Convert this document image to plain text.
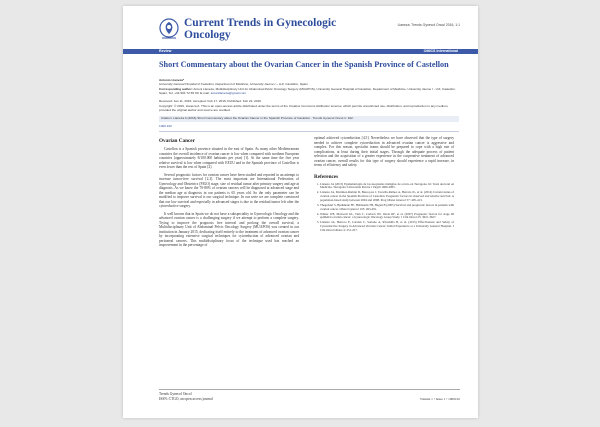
Current Trends in Gynecologic
Oncology
Llaneza. Trends Gynecol Oncol 2016, 1:1
Review	OMICS International
Short Commentary about the Ovarian Cancer in the Spanish Province of Castellon
Antonio Llaneza*
University General Hospital of Castellon, Department of Medicine, University Jaume I – UJI, Castellon, Spain
Corresponding author: Antoni Llaneza, Multidisciplinary Unit for Abdominal-Pelvic Oncology Surgery (MUAPOS), University General Hospital of Castellon, Department of Medicine, University Jaume I - UJI, Castellon, Spain, Tel: +34 964 72 65 00; E-mail: antonillaneza@gmail.com
Received: Jan 11, 2016; Accepted: Feb 17, 2016; Published: Feb 22, 2016
Copyright: © 2016, Llaneza A. This is an open-access article distributed under the terms of the Creative Commons Attribution License, which permits unrestricted use, distribution, and reproduction in any medium, provided the original author and source are credited.
Citation: Llaneza A (2016) Short Commentary about the Ovarian Cancer in the Spanish Province of Castellon . Trends Gynecol Oncol 1: 102.
1000.102
Ovarian Cancer

Castellon is a Spanish province situated in the east of Spain. As many other Mediterranean countries the overall incidence of ovarian cancer is low when compared with northern European countries (approximately 8/100.000 habitants per year) [1]. At the same time the five year relative survival is low when compared with EEUU and in the Spanish province of Castellon is even lower than the rest of Spain [2].

Several prognostic factors for ovarian cancer have been studied and reported in an attempt to increase tumor-free survival [2,3]. The most important are International Federation of Gynecology and Obstetrics (FIGO) stage, size of residual tumor after primary surgery and age at diagnosis. As we know the 70-80% of ovarian cancers will be diagnosed at advanced stage and the median age at diagnosis in our patients is 65 years old. So the only parameter can be modified to improve survival is our surgical technique. In our serie we are complete convinced that our low survival and especially in advanced stages is due to the residual tumor left after the cytoreductive surgery.

It well known that in Spain we do not have a subspeciality in Gynecologic Oncology and the advanced ovarian cancer is a challenging surgery if we attempt to perform a complete surgery. Trying to improve the prognosis free interval and prolong the overall survival, a Multidisciplinary Unit of Abdominal Pelvic Oncology Surgery (MUAPOS) was created in our institution in January 2015, dedicating itself entirely to the treatment of advanced ovarian cancer by incorporating extensive surgical techniques for cytoreduction of advanced ovarian and peritoneal cancers. This multidisciplinary focus of the technique used has reached an improvement in the percentage of

optimal achieved cytoreduction [4,5]. Nevertheless we have observed that the type of surgery needed to achieve complete cytoreduction in advanced ovarian cancer is aggressive and complex. For this reason, specialist teams should be prepared to cope with a high rate of complications, at least during their initial stages. Through the adequate process of patient selection and the acquisition of a greater experience in the cooperative treatment of advanced ovarian cancer, overall results for this type of surgery should experience a rapid increase, in terms of efficiency and safety.

References
1. Llaneza JA (2015) Epidemiología de las neoplasias malignas de ovario en Tarragona. In: Tesis doctoral en Medicina. Tarragona: Universitat Rovira i Virgili 1960-2005.
2. Llaneza JA, Martínez-Ramón D, Bazoq-tos J, Torrella-Ramos A, Herrera JL, et al. (2014) Current status of ovarian cancer in the Spanish Province of Castellon. Prognostic factors in observed and relative survival: A population-based study between 2004 and 2008. Prog Obstet Ginecol 57: 405-413.
3. Thegebauf S, Bjelkhede FE, Helmstein TB, Hagen B (2005) Survival and prognostic factors in patients with ovarian cancer. Obstet Gynecol 105: 493-491.
4. Winter WE, Maxwell GL, Tian C, Carlson JW, Ozols RF, et al. (2007) Prognostic factors for stage III epithelial ovarian cancer: a Gynecologic Oncology Group Study. J Clin Oncol 25: 3621-3627.
5. Llaneza JA, Herrero E, Catalan C, Soriano A, Rivadulla B, et al. (2015) Effectiveness and Safety of Cytoreductive Surgery in Advanced Ovarian Cancer: Initial Experience at a University General Hospital. J Clin Oncol Obstet 4: 251-257.
Trends Gynecol Oncol
ISSN: CTGO, an open access journal	Volume 1 • Issue 1 • 1000102
